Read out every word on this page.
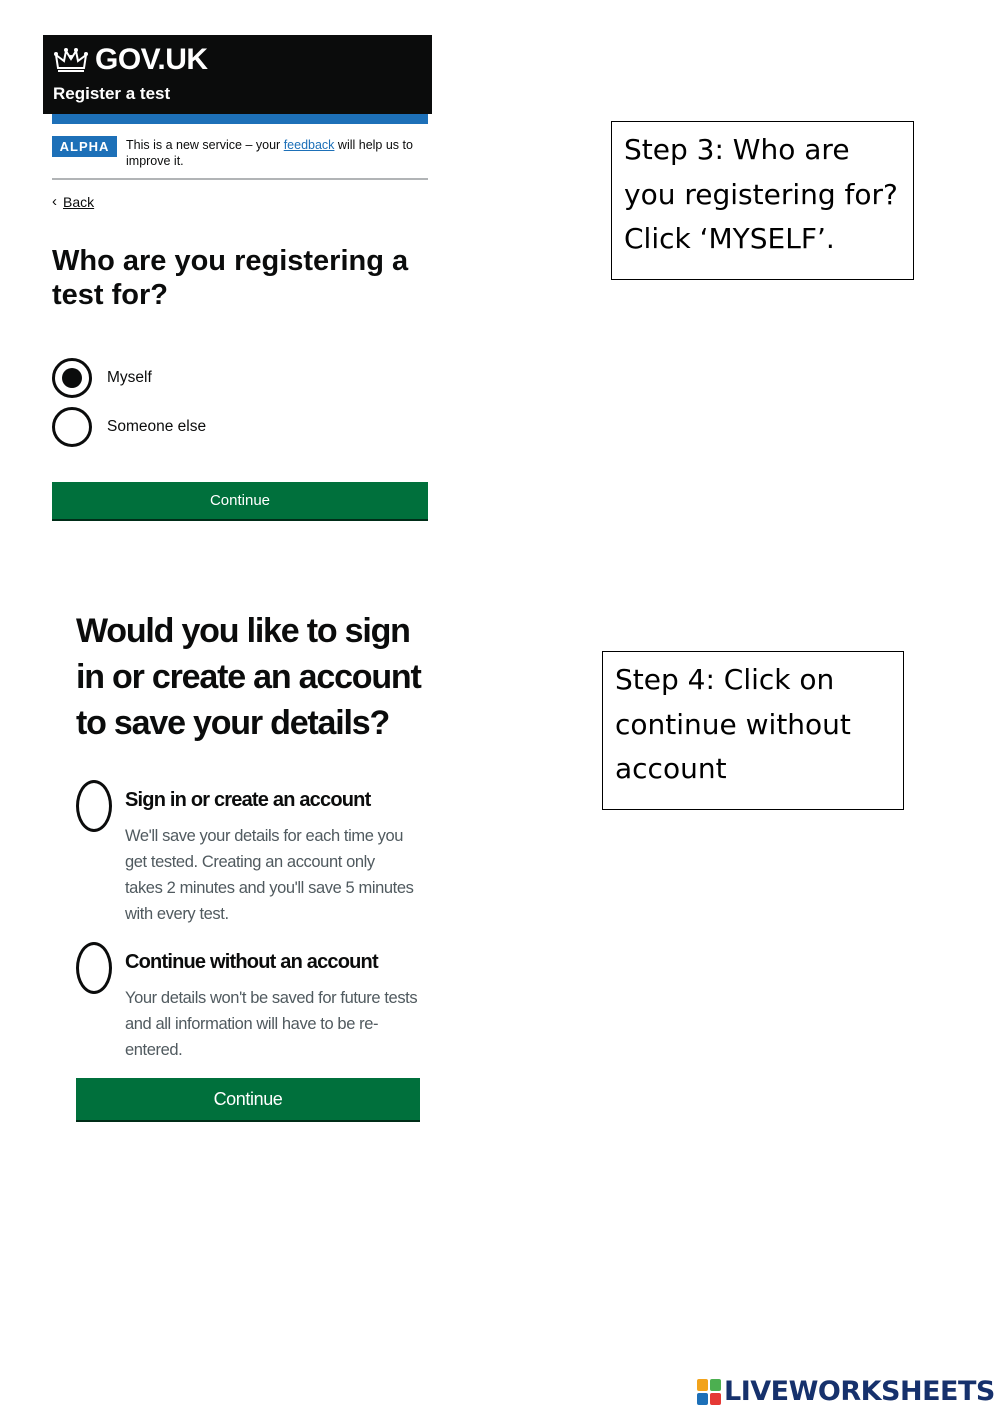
GOV.UK
Register a test
ALPHA	This is a new service – your feedback will help us to improve it.
‹ Back
Who are you registering a test for?
Myself
Someone else
Continue
Would you like to sign in or create an account to save your details?
Sign in or create an account
We'll save your details for each time you get tested. Creating an account only takes 2 minutes and you'll save 5 minutes with every test.
Continue without an account
Your details won't be saved for future tests and all information will have to be re-entered.
Continue
Step 3: Who are you registering for? Click ‘MYSELF’.
Step 4: Click on continue without account
LIVEWORKSHEETS
